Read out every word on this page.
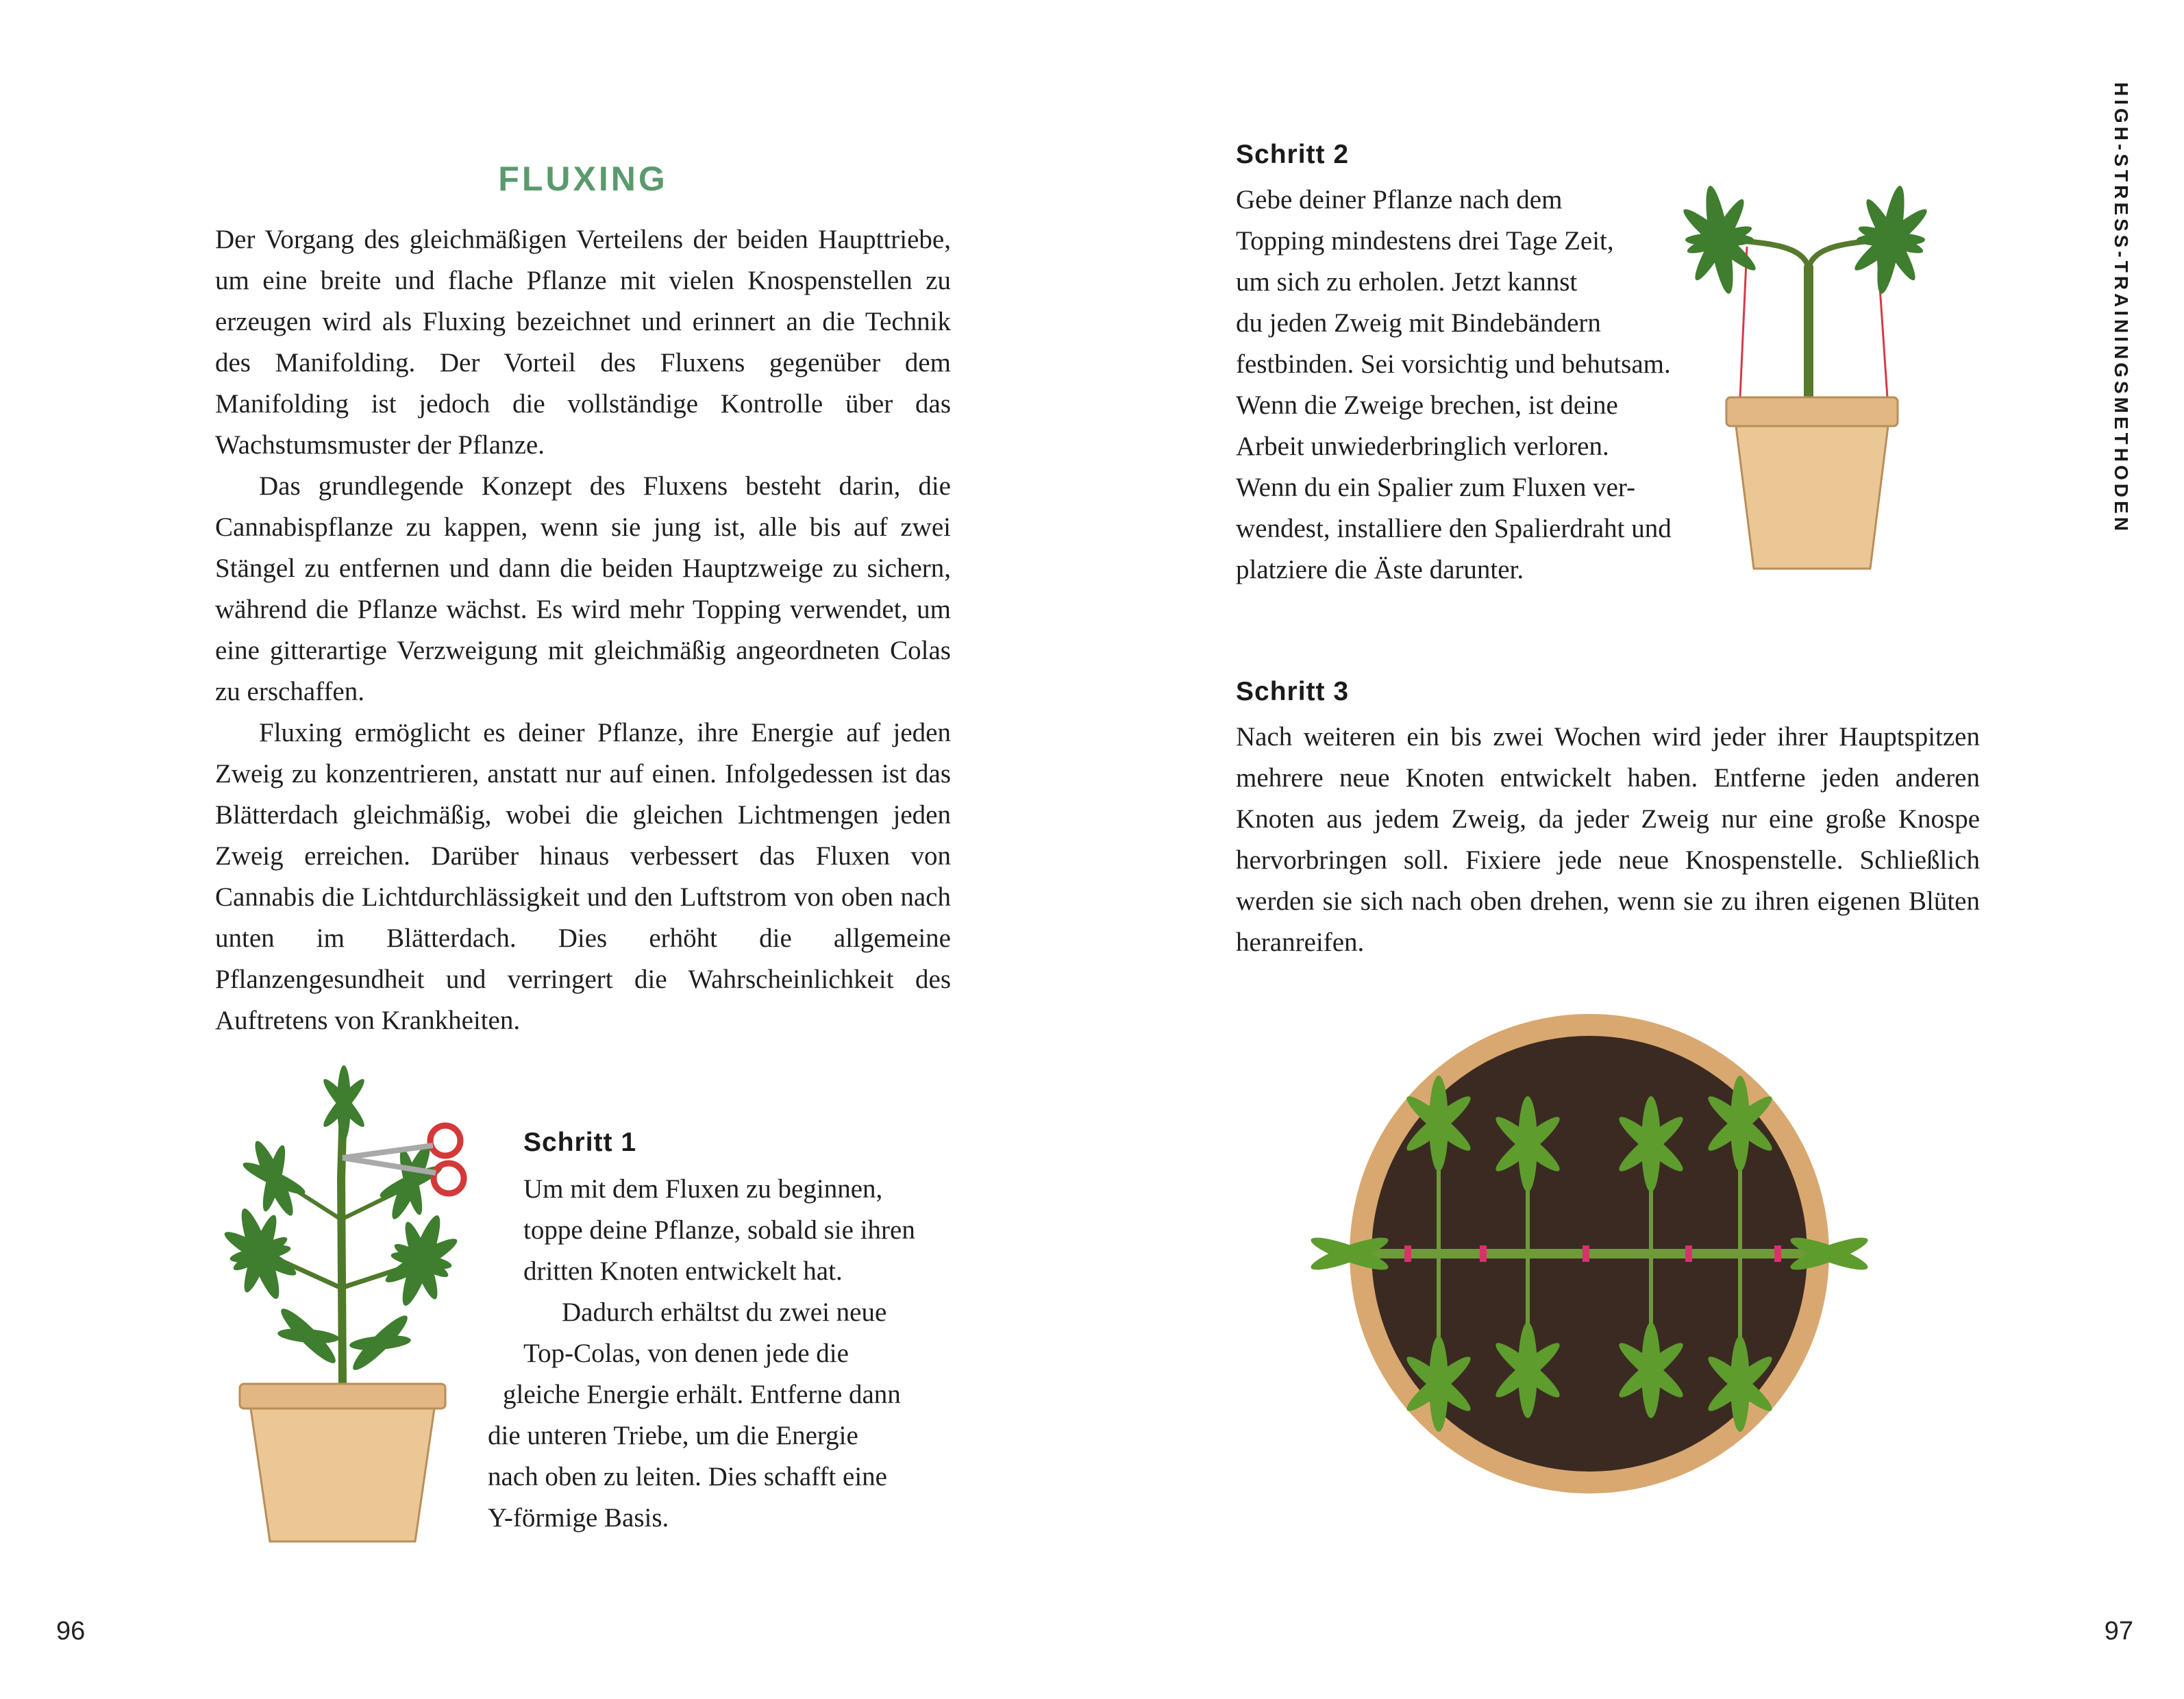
FLUXING

Der Vorgang des gleichmäßigen Verteilens der beiden Haupttriebe, um eine breite und flache Pflanze mit vielen Knospenstellen zu erzeugen wird als Fluxing bezeichnet und erinnert an die Technik des Manifolding. Der Vorteil des Fluxens gegenüber dem Manifolding ist jedoch die vollständige Kontrolle über das Wachstumsmuster der Pflanze.

Das grundlegende Konzept des Fluxens besteht darin, die Cannabispflanze zu kappen, wenn sie jung ist, alle bis auf zwei Stängel zu entfernen und dann die beiden Hauptzweige zu sichern, während die Pflanze wächst. Es wird mehr Topping verwendet, um eine gitterartige Verzweigung mit gleichmäßig angeordneten Colas zu erschaffen.

Fluxing ermöglicht es deiner Pflanze, ihre Energie auf jeden Zweig zu konzentrieren, anstatt nur auf einen. Infolgedessen ist das Blätterdach gleichmäßig, wobei die gleichen Lichtmengen jeden Zweig erreichen. Darüber hinaus verbessert das Fluxen von Cannabis die Lichtdurchlässigkeit und den Luftstrom von oben nach unten im Blätterdach. Dies erhöht die allgemeine Pflanzengesundheit und verringert die Wahrscheinlichkeit des Auftretens von Krankheiten.

Schritt 1
Um mit dem Fluxen zu beginnen,
toppe deine Pflanze, sobald sie ihren
dritten Knoten entwickelt hat.
Dadurch erhältst du zwei neue
Top-Colas, von denen jede die
gleiche Energie erhält. Entferne dann
die unteren Triebe, um die Energie
nach oben zu leiten. Dies schafft eine
Y-förmige Basis.
96	97
HIGH-STRESS-TRAININGSMETHODEN
Schritt 2
Gebe deiner Pflanze nach dem
Topping mindestens drei Tage Zeit,
um sich zu erholen. Jetzt kannst
du jeden Zweig mit Bindebändern
festbinden. Sei vorsichtig und behutsam.
Wenn die Zweige brechen, ist deine
Arbeit unwiederbringlich verloren.
Wenn du ein Spalier zum Fluxen ver-
wendest, installiere den Spalierdraht und
platziere die Äste darunter.
Schritt 3

Nach weiteren ein bis zwei Wochen wird jeder ihrer Hauptspitzen mehrere neue Knoten entwickelt haben. Entferne jeden anderen Knoten aus jedem Zweig, da jeder Zweig nur eine große Knospe hervorbringen soll. Fixiere jede neue Knospenstelle. Schließlich werden sie sich nach oben drehen, wenn sie zu ihren eigenen Blüten heranreifen.
